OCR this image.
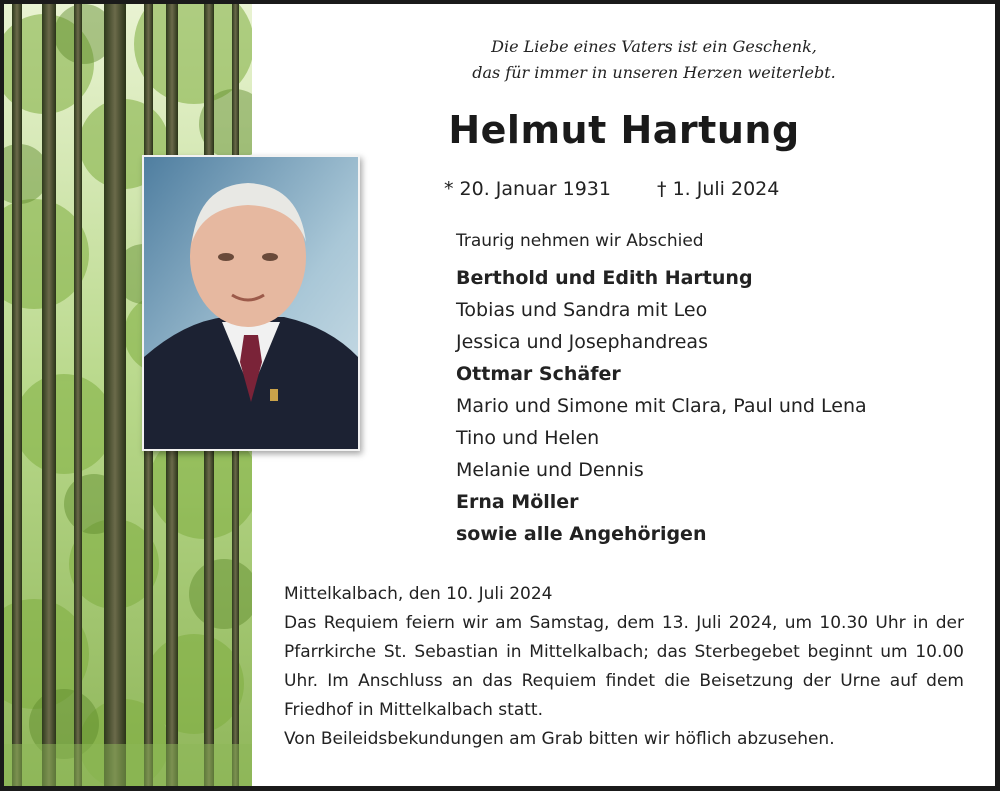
Die Liebe eines Vaters ist ein Geschenk,
das für immer in unseren Herzen weiterlebt.
Helmut Hartung
* 20. Januar 1931 † 1. Juli 2024
Traurig nehmen wir Abschied
Berthold und Edith Hartung
Tobias und Sandra mit Leo
Jessica und Josephandreas
Ottmar Schäfer
Mario und Simone mit Clara, Paul und Lena
Tino und Helen
Melanie und Dennis
Erna Möller
sowie alle Angehörigen
Mittelkalbach, den 10. Juli 2024
Das Requiem feiern wir am Samstag, dem 13. Juli 2024, um 10.30 Uhr in der Pfarrkirche St. Sebastian in Mittelkalbach; das Sterbegebet beginnt um 10.00 Uhr. Im Anschluss an das Requiem findet die Beisetzung der Urne auf dem Friedhof in Mittelkalbach statt.
Von Beileidsbekundungen am Grab bitten wir höflich abzusehen.
